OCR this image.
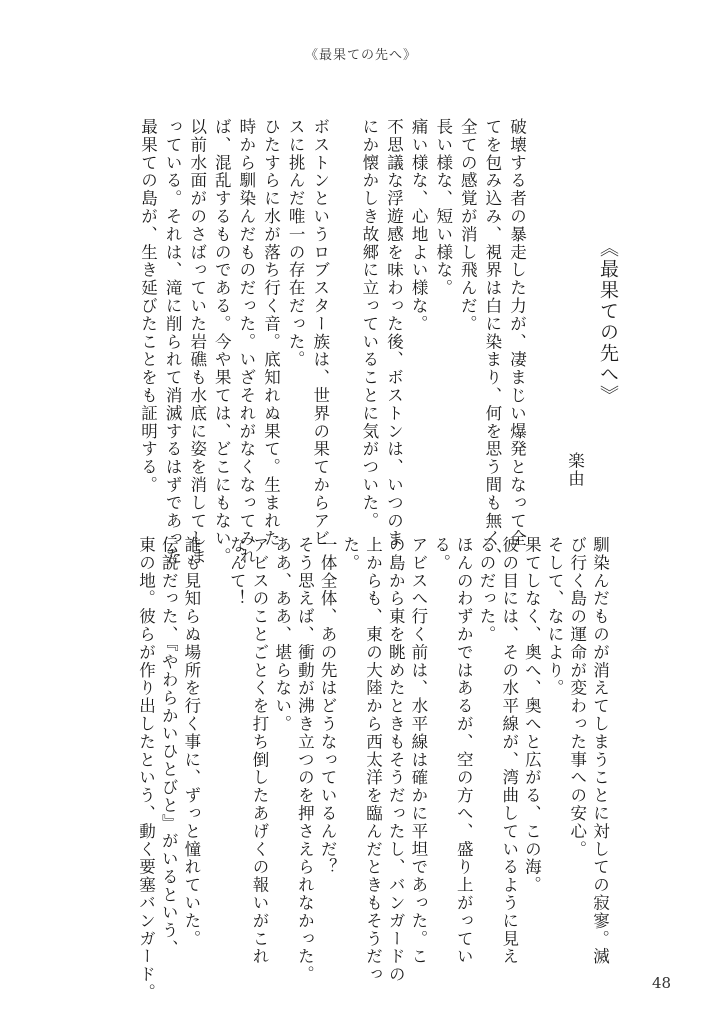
《最果ての先へ》
《最果ての先へ》
楽由
破壊する者の暴走した力が、凄まじい爆発となって全
てを包み込み、視界は白に染まり、何を思う間も無く、
全ての感覚が消し飛んだ。
長い様な、短い様な。
痛い様な、心地よい様な。
不思議な浮遊感を味わった後、ボストンは、いつのま
にか懐かしき故郷に立っていることに気がついた。
ボストンというロブスター族は、世界の果てからアビ
スに挑んだ唯一の存在だった。
ひたすらに水が落ち行く音。底知れぬ果て。生まれた
時から馴染んだものだった。いざそれがなくなってみれ
ば、混乱するものである。今や果ては、どこにもない。
以前水面がのさばっていた岩礁も水底に姿を消してしま
っている。それは、滝に削られて消滅するはずであった
最果ての島が、生き延びたことをも証明する。
馴染んだものが消えてしまうことに対しての寂寥。滅
び行く島の運命が変わった事への安心。
そして、なにより。
果てしなく、奥へ、奥へと広がる、この海。
彼の目には、その水平線が、湾曲しているように見え
るのだった。
ほんのわずかではあるが、空の方へ、盛り上がってい
る。
アビスへ行く前は、水平線は確かに平坦であった。こ
の島から東を眺めたときもそうだったし、バンガードの
上からも、東の大陸から西太洋を臨んだときもそうだっ
た。
一体全体、あの先はどうなっているんだ？
そう思えば、衝動が沸き立つのを押さえられなかった。
ああ、ああ、堪らない。
アビスのことごとくを打ち倒したあげくの報いがこれ
なんて！
誰も見知らぬ場所を行く事に、ずっと憧れていた。
伝説だった、『やわらかいひとびと』がいるという、
東の地。彼らが作り出したという、動く要塞バンガード。	48
